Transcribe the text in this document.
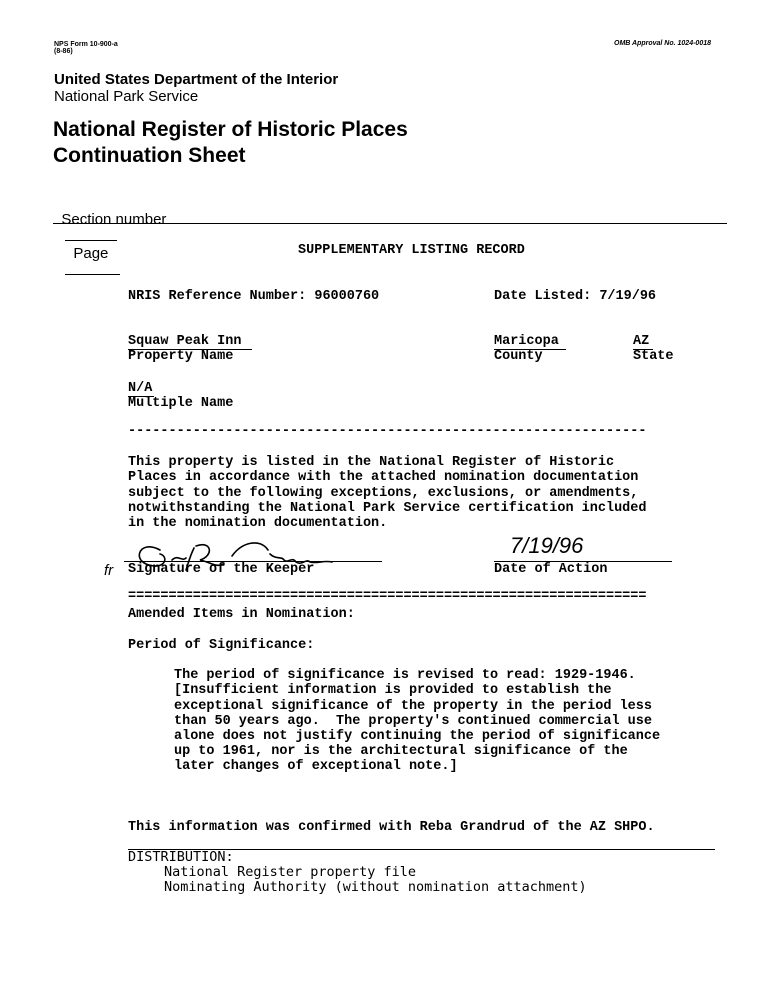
NPS Form 10-900-a
(8-86)
OMB Approval No. 1024-0018
United States Department of the Interior
National Park Service
National Register of Historic Places
Continuation Sheet

Section number

Page
	SUPPLEMENTARY LISTING RECORD
NRIS Reference Number: 96000760	Date Listed: 7/19/96
Squaw Peak Inn
Property Name
Maricopa
County
AZ
State
N/A
Multiple Name
----------------------------------------------------------------

This property is listed in the National Register of Historic
Places in accordance with the attached nomination documentation
subject to the following exceptions, exclusions, or amendments,
notwithstanding the National Park Service certification included
in the nomination documentation.
fr Signature of the Keeper
7/19/96
Date of Action
================================================================
Amended Items in Nomination:
Period of Significance:

The period of significance is revised to read: 1929-1946.
[Insufficient information is provided to establish the
exceptional significance of the property in the period less
than 50 years ago.  The property's continued commercial use
alone does not justify continuing the period of significance
up to 1961, nor is the architectural significance of the
later changes of exceptional note.]
This information was confirmed with Reba Grandrud of the AZ SHPO.
DISTRIBUTION:
National Register property file
Nominating Authority (without nomination attachment)
